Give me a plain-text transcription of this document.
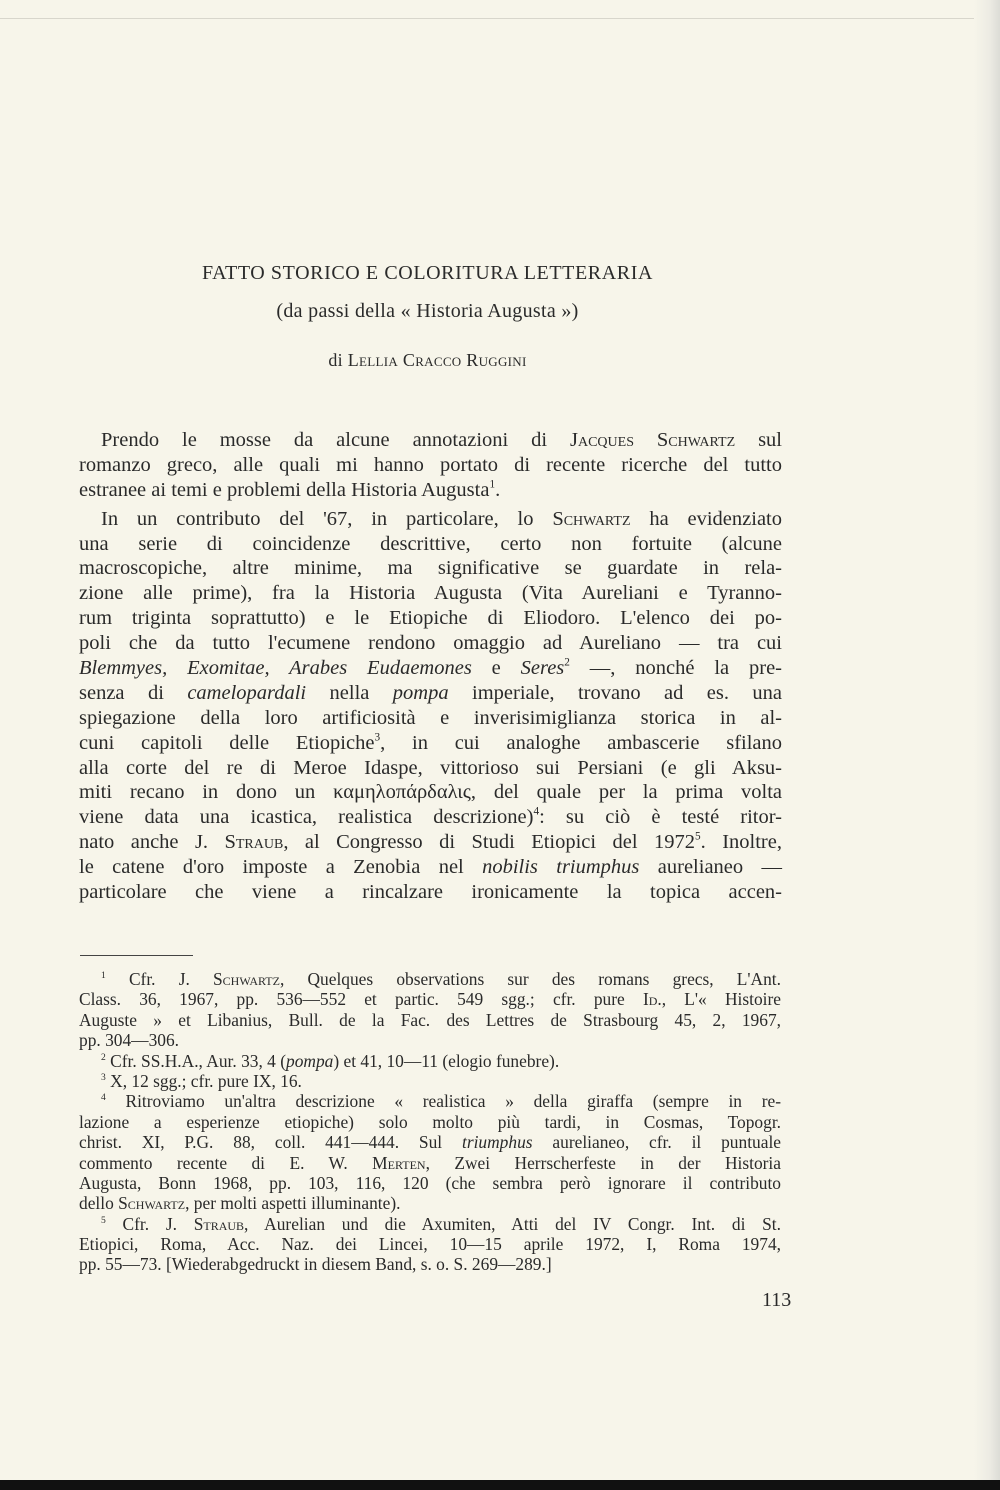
FATTO STORICO E COLORITURA LETTERARIA
(da passi della « Historia Augusta »)
di Lellia Cracco Ruggini
Prendo le mosse da alcune annotazioni di Jacques Schwartz sul
romanzo greco, alle quali mi hanno portato di recente ricerche del tutto
estranee ai temi e problemi della Historia Augusta$^1$.
In un contributo del '67, in particolare, lo Schwartz ha evidenziato
una serie di coincidenze descrittive, certo non fortuite (alcune
macroscopiche, altre minime, ma significative se guardate in rela-
zione alle prime), fra la Historia Augusta (Vita Aureliani e Tyranno-
rum triginta soprattutto) e le Etiopiche di Eliodoro. L'elenco dei po-
poli che da tutto l'ecumene rendono omaggio ad Aureliano — tra cui
Blemmyes, Exomitae, Arabes Eudaemones e Seres$^2$ —, nonché la pre-
senza di camelopardali nella pompa imperiale, trovano ad es. una
spiegazione della loro artificiosità e inverisimiglianza storica in al-
cuni capitoli delle Etiopiche$^3$, in cui analoghe ambascerie sfilano
alla corte del re di Meroe Idaspe, vittorioso sui Persiani (e gli Aksu-
miti recano in dono un καμηλοπάρδαλις, del quale per la prima volta
viene data una icastica, realistica descrizione)$^4$: su ciò è testé ritor-
nato anche J. Straub, al Congresso di Studi Etiopici del 1972$^5$. Inoltre,
le catene d'oro imposte a Zenobia nel nobilis triumphus aurelianeo —
particolare che viene a rincalzare ironicamente la topica accen-
$^1$ Cfr. J. Schwartz, Quelques observations sur des romans grecs, L'Ant.
Class. 36, 1967, pp. 536—552 et partic. 549 sgg.; cfr. pure Id., L'« Histoire
Auguste » et Libanius, Bull. de la Fac. des Lettres de Strasbourg 45, 2, 1967,
pp. 304—306.
$^2$ Cfr. SS.H.A., Aur. 33, 4 (pompa) et 41, 10—11 (elogio funebre).
$^3$ X, 12 sgg.; cfr. pure IX, 16.
$^4$ Ritroviamo un'altra descrizione « realistica » della giraffa (sempre in re-
lazione a esperienze etiopiche) solo molto più tardi, in Cosmas, Topogr.
christ. XI, P.G. 88, coll. 441—444. Sul triumphus aurelianeo, cfr. il puntuale
commento recente di E. W. Merten, Zwei Herrscherfeste in der Historia
Augusta, Bonn 1968, pp. 103, 116, 120 (che sembra però ignorare il contributo
dello Schwartz, per molti aspetti illuminante).
$^5$ Cfr. J. Straub, Aurelian und die Axumiten, Atti del IV Congr. Int. di St.
Etiopici, Roma, Acc. Naz. dei Lincei, 10—15 aprile 1972, I, Roma 1974,
pp. 55—73. [Wiederabgedruckt in diesem Band, s. o. S. 269—289.]
113
